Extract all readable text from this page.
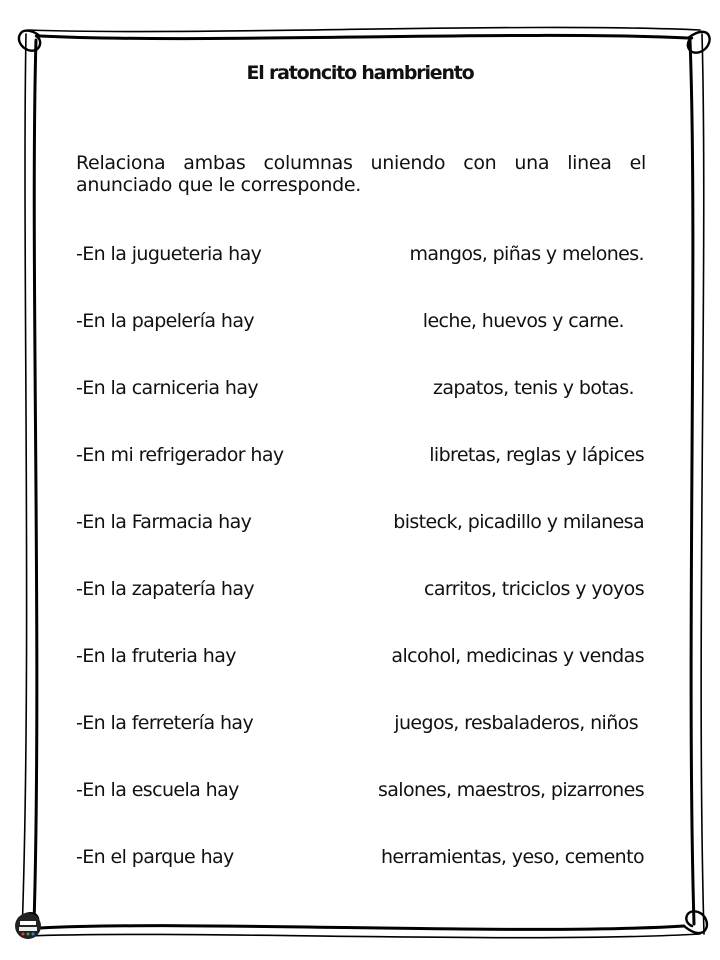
El ratoncito hambriento
Relaciona ambas columnas uniendo con una linea el anunciado que le corresponde.
-En la jugueteria hay	mangos, piñas y melones.
-En la papelería hay	leche, huevos y carne.
-En la carniceria hay	zapatos, tenis y botas.
-En mi refrigerador hay	libretas, reglas y lápices
-En la Farmacia hay	bisteck, picadillo y milanesa
-En la zapatería hay	carritos, triciclos y yoyos
-En la fruteria hay	alcohol, medicinas y vendas
-En la ferretería hay	juegos, resbaladeros, niños
-En la escuela hay	salones, maestros, pizarrones
-En el parque hay	herramientas, yeso, cemento
